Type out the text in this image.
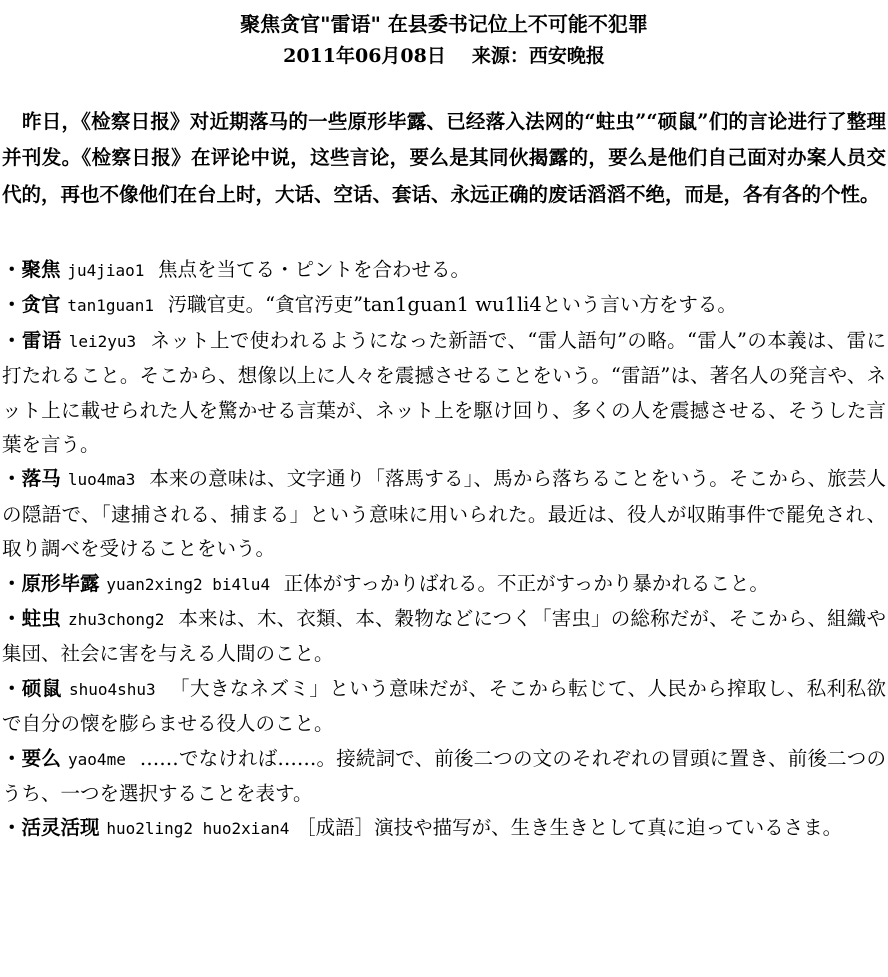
聚焦贪官"雷语" 在县委书记位上不可能不犯罪
2011年06月08日 来源：西安晚报

昨日，《检察日报》对近期落马的一些原形毕露、已经落入法网的“蛀虫”“硕鼠”们的言论进行了整理并刊发。《检察日报》在评论中说，这些言论，要么是其同伙揭露的，要么是他们自己面对办案人员交代的，再也不像他们在台上时，大话、空话、套话、永远正确的废话滔滔不绝，而是，各有各的个性。

・聚焦 ju4jiao1 焦点を当てる・ピントを合わせる。
・贪官 tan1guan1 汚職官吏。“貪官汚吏”tan1guan1 wu1li4という言い方をする。
・雷语 lei2yu3 ネット上で使われるようになった新語で、“雷人語句”の略。“雷人”の本義は、雷に打たれること。そこから、想像以上に人々を震撼させることをいう。“雷語”は、著名人の発言や、ネット上に載せられた人を驚かせる言葉が、ネット上を駆け回り、多くの人を震撼させる、そうした言葉を言う。
・落马 luo4ma3 本来の意味は、文字通り「落馬する」、馬から落ちることをいう。そこから、旅芸人の隠語で、「逮捕される、捕まる」という意味に用いられた。最近は、役人が収賄事件で罷免され、取り調べを受けることをいう。
・原形毕露 yuan2xing2 bi4lu4 正体がすっかりばれる。不正がすっかり暴かれること。
・蛀虫 zhu3chong2 本来は、木、衣類、本、穀物などにつく「害虫」の総称だが、そこから、組織や集団、社会に害を与える人間のこと。
・硕鼠 shuo4shu3 「大きなネズミ」という意味だが、そこから転じて、人民から搾取し、私利私欲で自分の懐を膨らませる役人のこと。
・要么 yao4me ……でなければ……。接続詞で、前後二つの文のそれぞれの冒頭に置き、前後二つのうち、一つを選択することを表す。
・活灵活现 huo2ling2 huo2xian4 ［成語］演技や描写が、生き生きとして真に迫っているさま。
